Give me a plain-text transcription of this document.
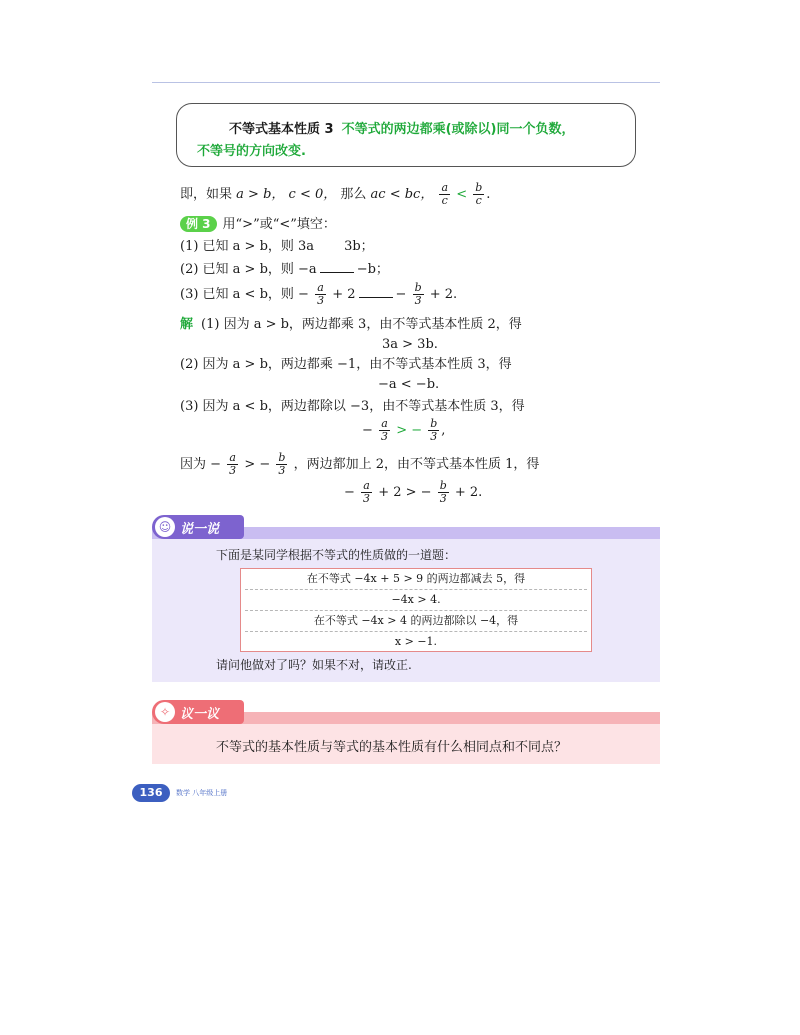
不等式基本性质 3 不等式的两边都乘(或除以)同一个负数，
不等号的方向改变.
即，如果 a > b， c < 0， 那么 ac < bc， $\frac{a}{c} < \frac{b}{c}$ .
例 3 用“>”或“<”填空：
(1) 已知 a > b，则 3a 3b；
(2) 已知 a > b，则 −a	−b；
(3) 已知 a < b，则 − $\frac{a}{3} + 2$	− $\frac{b}{3} + 2$.
解 (1) 因为 a > b，两边都乘 3，由不等式基本性质 2，得
3a > 3b.
(2) 因为 a > b，两边都乘 −1，由不等式基本性质 3，得
−a < −b.
(3) 因为 a < b，两边都除以 −3，由不等式基本性质 3，得
− $\frac{a}{3}$ > − $\frac{b}{3}$ ,
因为 − $\frac{a}{3}$ > − $\frac{b}{3}$ ，两边都加上 2，由不等式基本性质 1，得
− $\frac{a}{3} + 2$ > − $\frac{b}{3} + 2$.
☺ 说一说
下面是某同学根据不等式的性质做的一道题：
在不等式 −4x + 5 > 9 的两边都减去 5，得
−4x > 4.
在不等式 −4x > 4 的两边都除以 −4，得
x > −1.
请问他做对了吗？如果不对，请改正.
✧ 议一议
不等式的基本性质与等式的基本性质有什么相同点和不同点？
136	数学 八年级上册
